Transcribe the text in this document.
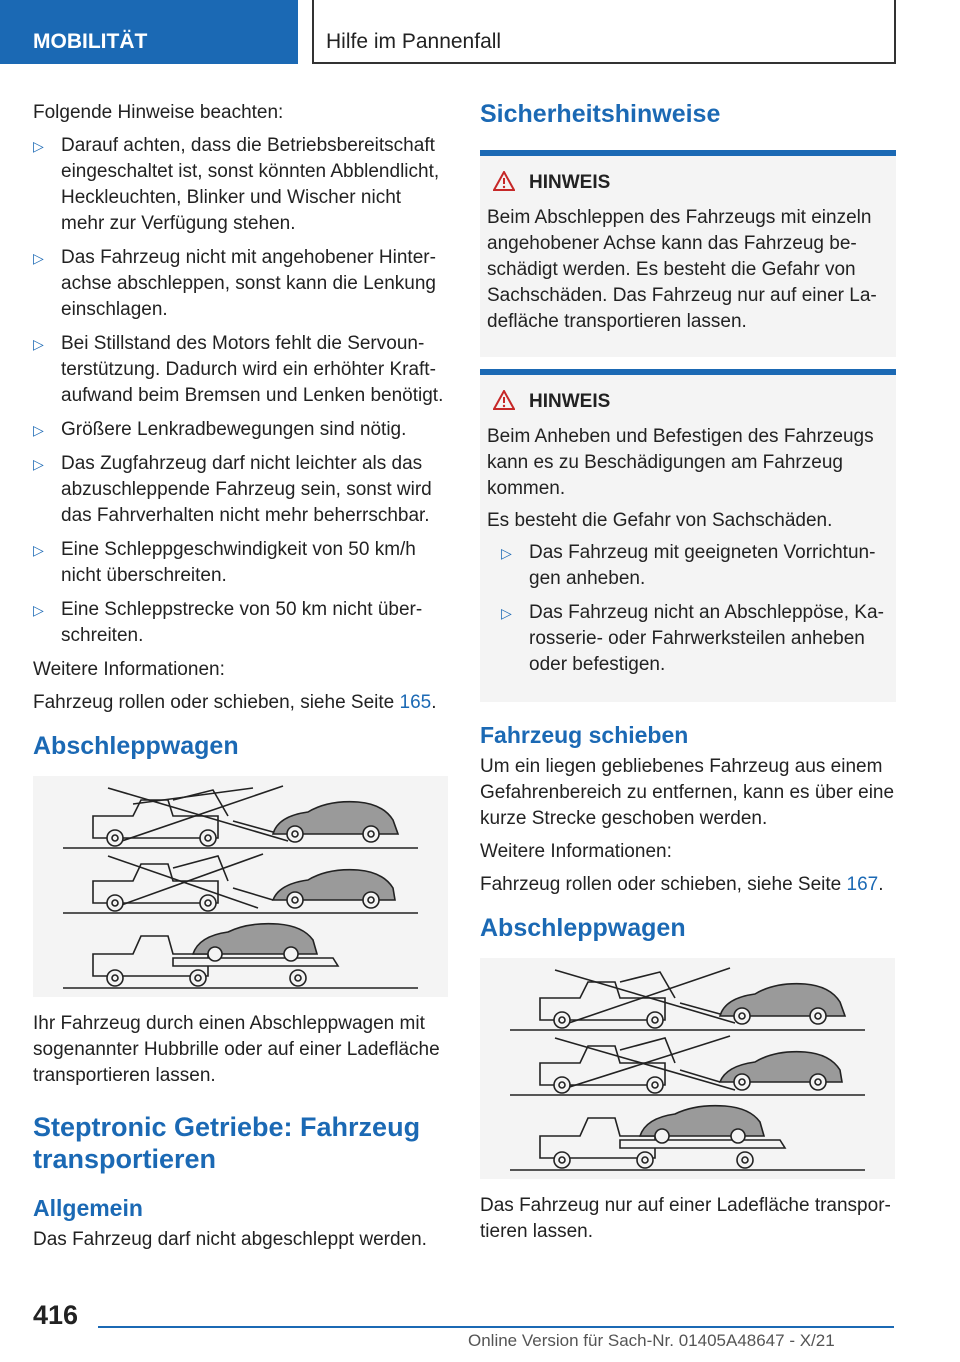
MOBILITÄT	Hilfe im Pannenfall
Folgende Hinweise beachten:
▷ Darauf achten, dass die Betriebsbereitschaft eingeschaltet ist, sonst könnten Abblendlicht, Heckleuchten, Blinker und Wischer nicht mehr zur Verfügung stehen.
▷ Das Fahrzeug nicht mit angehobener Hinterachse abschleppen, sonst kann die Lenkung einschlagen.
▷ Bei Stillstand des Motors fehlt die Servounterstützung. Dadurch wird ein erhöhter Kraftaufwand beim Bremsen und Lenken benötigt.
▷ Größere Lenkradbewegungen sind nötig.
▷ Das Zugfahrzeug darf nicht leichter als das abzuschleppende Fahrzeug sein, sonst wird das Fahrverhalten nicht mehr beherrschbar.
▷ Eine Schleppgeschwindigkeit von 50 km/h nicht überschreiten.
▷ Eine Schleppstrecke von 50 km nicht überschreiten.
Weitere Informationen:
Fahrzeug rollen oder schieben, siehe Seite 165.
Abschleppwagen
Ihr Fahrzeug durch einen Abschleppwagen mit sogenannter Hubbrille oder auf einer Ladefläche transportieren lassen.
Steptronic Getriebe: Fahrzeug transportieren
Allgemein
Das Fahrzeug darf nicht abgeschleppt werden.
Sicherheitshinweise
HINWEIS
Beim Abschleppen des Fahrzeugs mit einzeln angehobener Achse kann das Fahrzeug beschädigt werden. Es besteht die Gefahr von Sachschäden. Das Fahrzeug nur auf einer Ladefläche transportieren lassen.
HINWEIS
Beim Anheben und Befestigen des Fahrzeugs kann es zu Beschädigungen am Fahrzeug kommen.
Es besteht die Gefahr von Sachschäden.
▷ Das Fahrzeug mit geeigneten Vorrichtungen anheben.
▷ Das Fahrzeug nicht an Abschleppöse, Karosserie- oder Fahrwerksteilen anheben oder befestigen.
Fahrzeug schieben
Um ein liegen gebliebenes Fahrzeug aus einem Gefahrenbereich zu entfernen, kann es über eine kurze Strecke geschoben werden.
Weitere Informationen:
Fahrzeug rollen oder schieben, siehe Seite 167.
Abschleppwagen
Das Fahrzeug nur auf einer Ladefläche transportieren lassen.
416
Online Version für Sach-Nr. 01405A48647 - X/21
